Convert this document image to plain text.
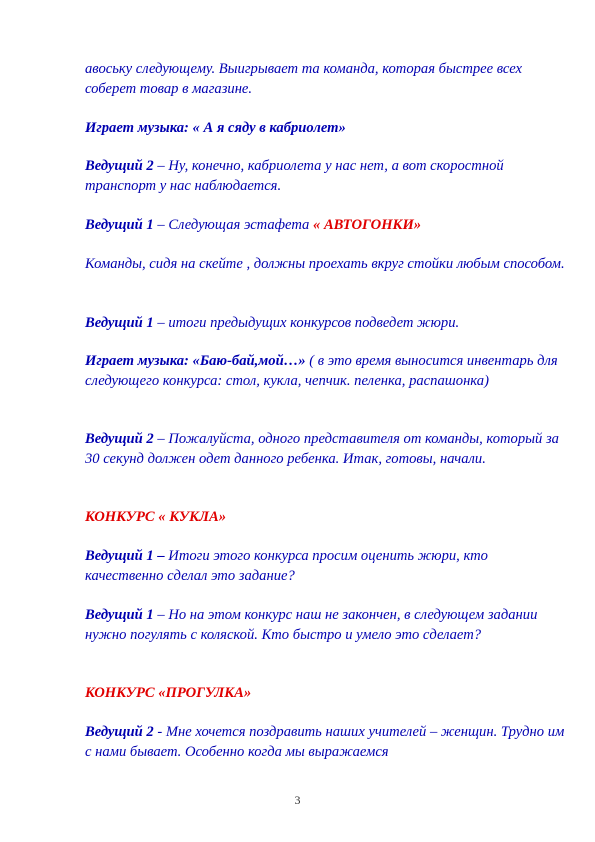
авоську следующему. Выигрывает та команда, которая быстрее всех соберет товар в магазине.

Играет музыка: « А я сяду в кабриолет»

Ведущий 2 – Ну, конечно, кабриолета у нас нет, а вот скоростной транспорт у нас наблюдается.

Ведущий 1 – Следующая эстафета « АВТОГОНКИ»

Команды, сидя на скейте , должны проехать вкруг стойки любым способом.

Ведущий 1 – итоги предыдущих конкурсов подведет жюри.

Играет музыка: «Баю-бай,мой…» ( в это время выносится инвентарь для следующего конкурса: стол, кукла, чепчик. пеленка, распашонка)

Ведущий 2 – Пожалуйста, одного представителя от команды, который за 30 секунд должен одет данного ребенка. Итак, готовы, начали.

КОНКУРС « КУКЛА»

Ведущий 1 – Итоги этого конкурса просим оценить жюри, кто качественно сделал это задание?

Ведущий 1 – Но на этом конкурс наш не закончен, в следующем задании нужно погулять с коляской. Кто быстро и умело это сделает?

КОНКУРС «ПРОГУЛКА»

Ведущий 2 - Мне хочется поздравить наших учителей – женщин. Трудно им с нами бывает. Особенно когда мы выражаемся

3
